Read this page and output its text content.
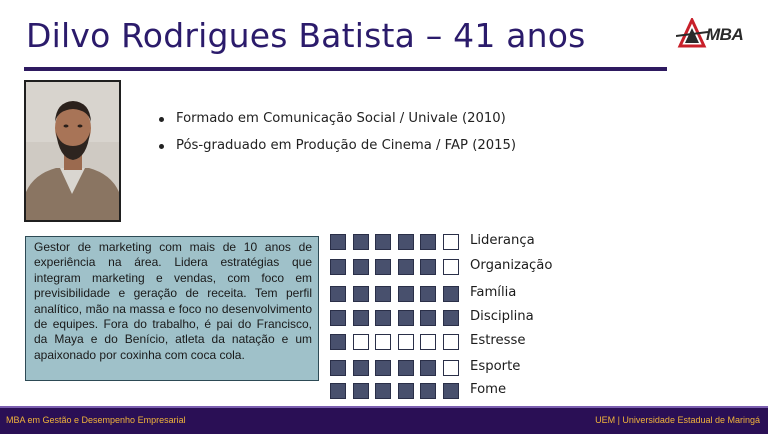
Dilvo Rodrigues Batista – 41 anos	MBA
Formado em Comunicação Social / Univale (2010)
Pós-graduado em Produção de Cinema / FAP (2015)
Gestor de marketing com mais de 10 anos de experiência na área. Lidera estratégias que integram marketing e vendas, com foco em previsibilidade e geração de receita. Tem perfil analítico, mão na massa e foco no desenvolvimento de equipes. Fora do trabalho, é pai do Francisco, da Maya e do Benício, atleta da natação e um apaixonado por coxinha com coca cola.
Liderança
Organização
Família
Disciplina
Estresse
Esporte
Fome
MBA em Gestão e Desempenho Empresarial	UEM | Universidade Estadual de Maringá
